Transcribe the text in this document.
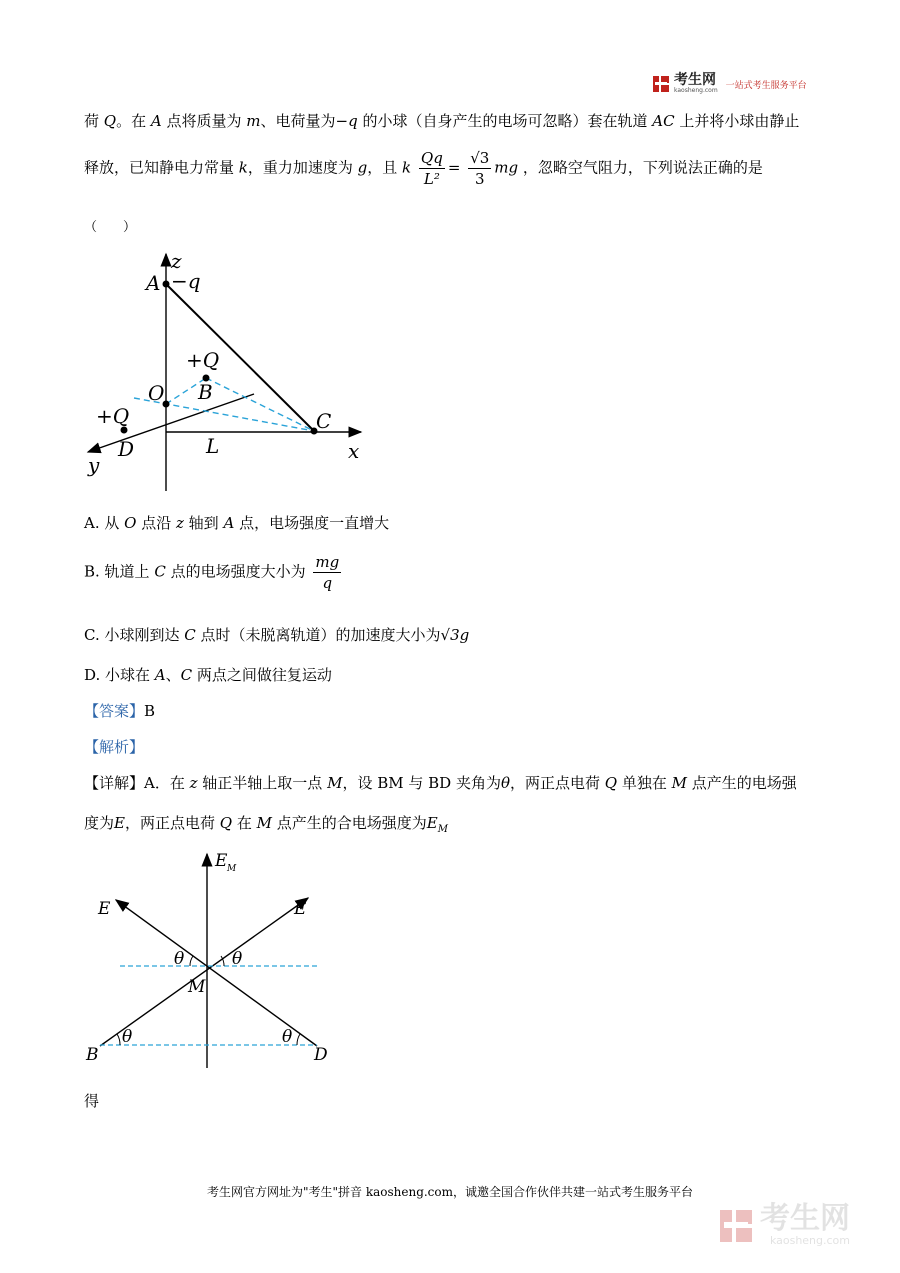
考生网
kaosheng.com 一站式考生服务平台
荷 Q。在 A 点将质量为 m、电荷量为−q 的小球（自身产生的电场可忽略）套在轨道 AC 上并将小球由静止
释放，已知静电力常量 k，重力加速度为 g，且 k $\frac{Qq}{\text{L²}} = \frac{√3}{3}$ mg ，忽略空气阻力，下列说法正确的是
（　　）
z
A −q
+Q
B
O
C
+Q
D	L	x
y
A. 从 O 点沿 z 轴到 A 点，电场强度一直增大
B. 轨道上 C 点的电场强度大小为 $\frac{mg}{q}$
C. 小球刚到达 C 点时（未脱离轨道）的加速度大小为√3g
D. 小球在 A、C 两点之间做往复运动
【答案】B
【解析】
【详解】A．在 z 轴正半轴上取一点 M，设 BM 与 BD 夹角为θ，两正点电荷 Q 单独在 M 点产生的电场强
度为E，两正点电荷 Q 在 M 点产生的合电场强度为$E_M$
E M
E	E
θ	θ
M
B
θ	θ
D
得
考生网官方网址为"考生"拼音 kaosheng.com，诚邀全国合作伙伴共建一站式考生服务平台
考生网
kaosheng.com
